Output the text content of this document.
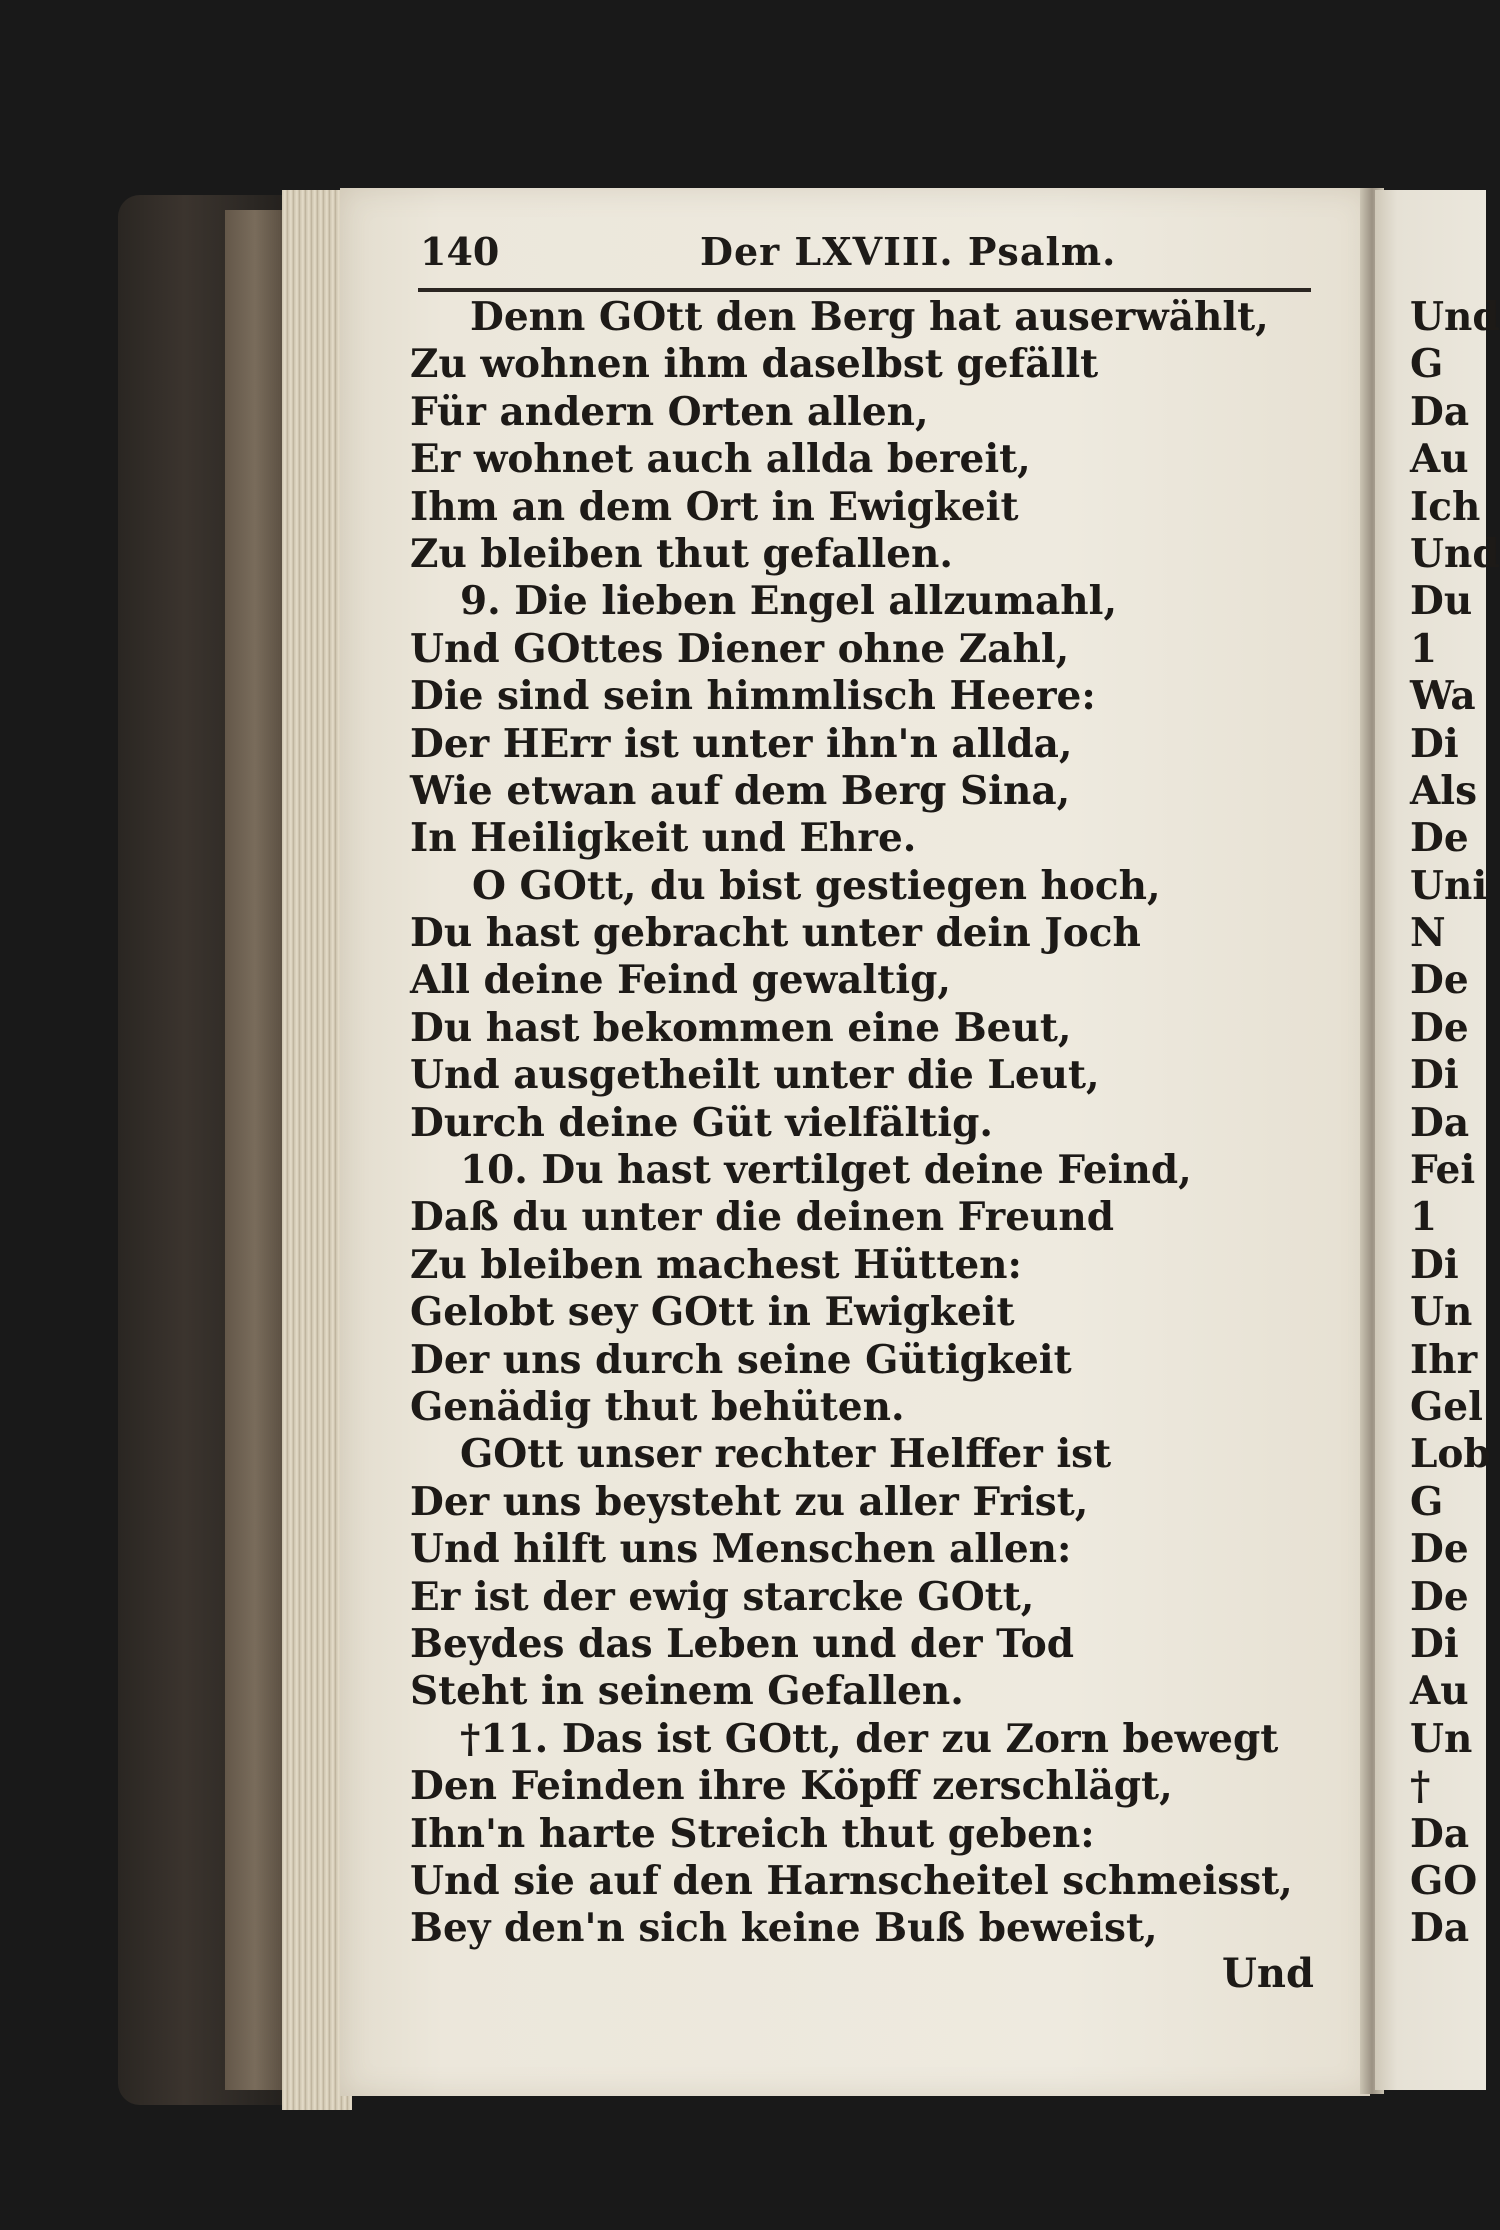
140	Der LXVIII. Psalm.
Denn GOtt den Berg hat auserwählt,
Zu wohnen ihm daselbst gefällt
Für andern Orten allen,
Er wohnet auch allda bereit,
Ihm an dem Ort in Ewigkeit
Zu bleiben thut gefallen.
9. Die lieben Engel allzumahl,
Und GOttes Diener ohne Zahl,
Die sind sein himmlisch Heere:
Der HErr ist unter ihn'n allda,
Wie etwan auf dem Berg Sina,
In Heiligkeit und Ehre.
O GOtt, du bist gestiegen hoch,
Du hast gebracht unter dein Joch
All deine Feind gewaltig,
Du hast bekommen eine Beut,
Und ausgetheilt unter die Leut,
Durch deine Güt vielfältig.
10. Du hast vertilget deine Feind,
Daß du unter die deinen Freund
Zu bleiben machest Hütten:
Gelobt sey GOtt in Ewigkeit
Der uns durch seine Gütigkeit
Genädig thut behüten.
GOtt unser rechter Helffer ist
Der uns beysteht zu aller Frist,
Und hilft uns Menschen allen:
Er ist der ewig starcke GOtt,
Beydes das Leben und der Tod
Steht in seinem Gefallen.
†11. Das ist GOtt, der zu Zorn bewegt
Den Feinden ihre Köpff zerschlägt,
Ihn'n harte Streich thut geben:
Und sie auf den Harnscheitel schmeisst,
Bey den'n sich keine Buß beweist,
Und
Und
G
Da
Au
Ich
Und
Du
1
Wa
Di
Als
De
Uni
N
De
De
Di
Da
Fei
1
Di
Un
Ihr
Gel
Lob
G
De
De
Di
Au
Un
†
Da
GO
Da
